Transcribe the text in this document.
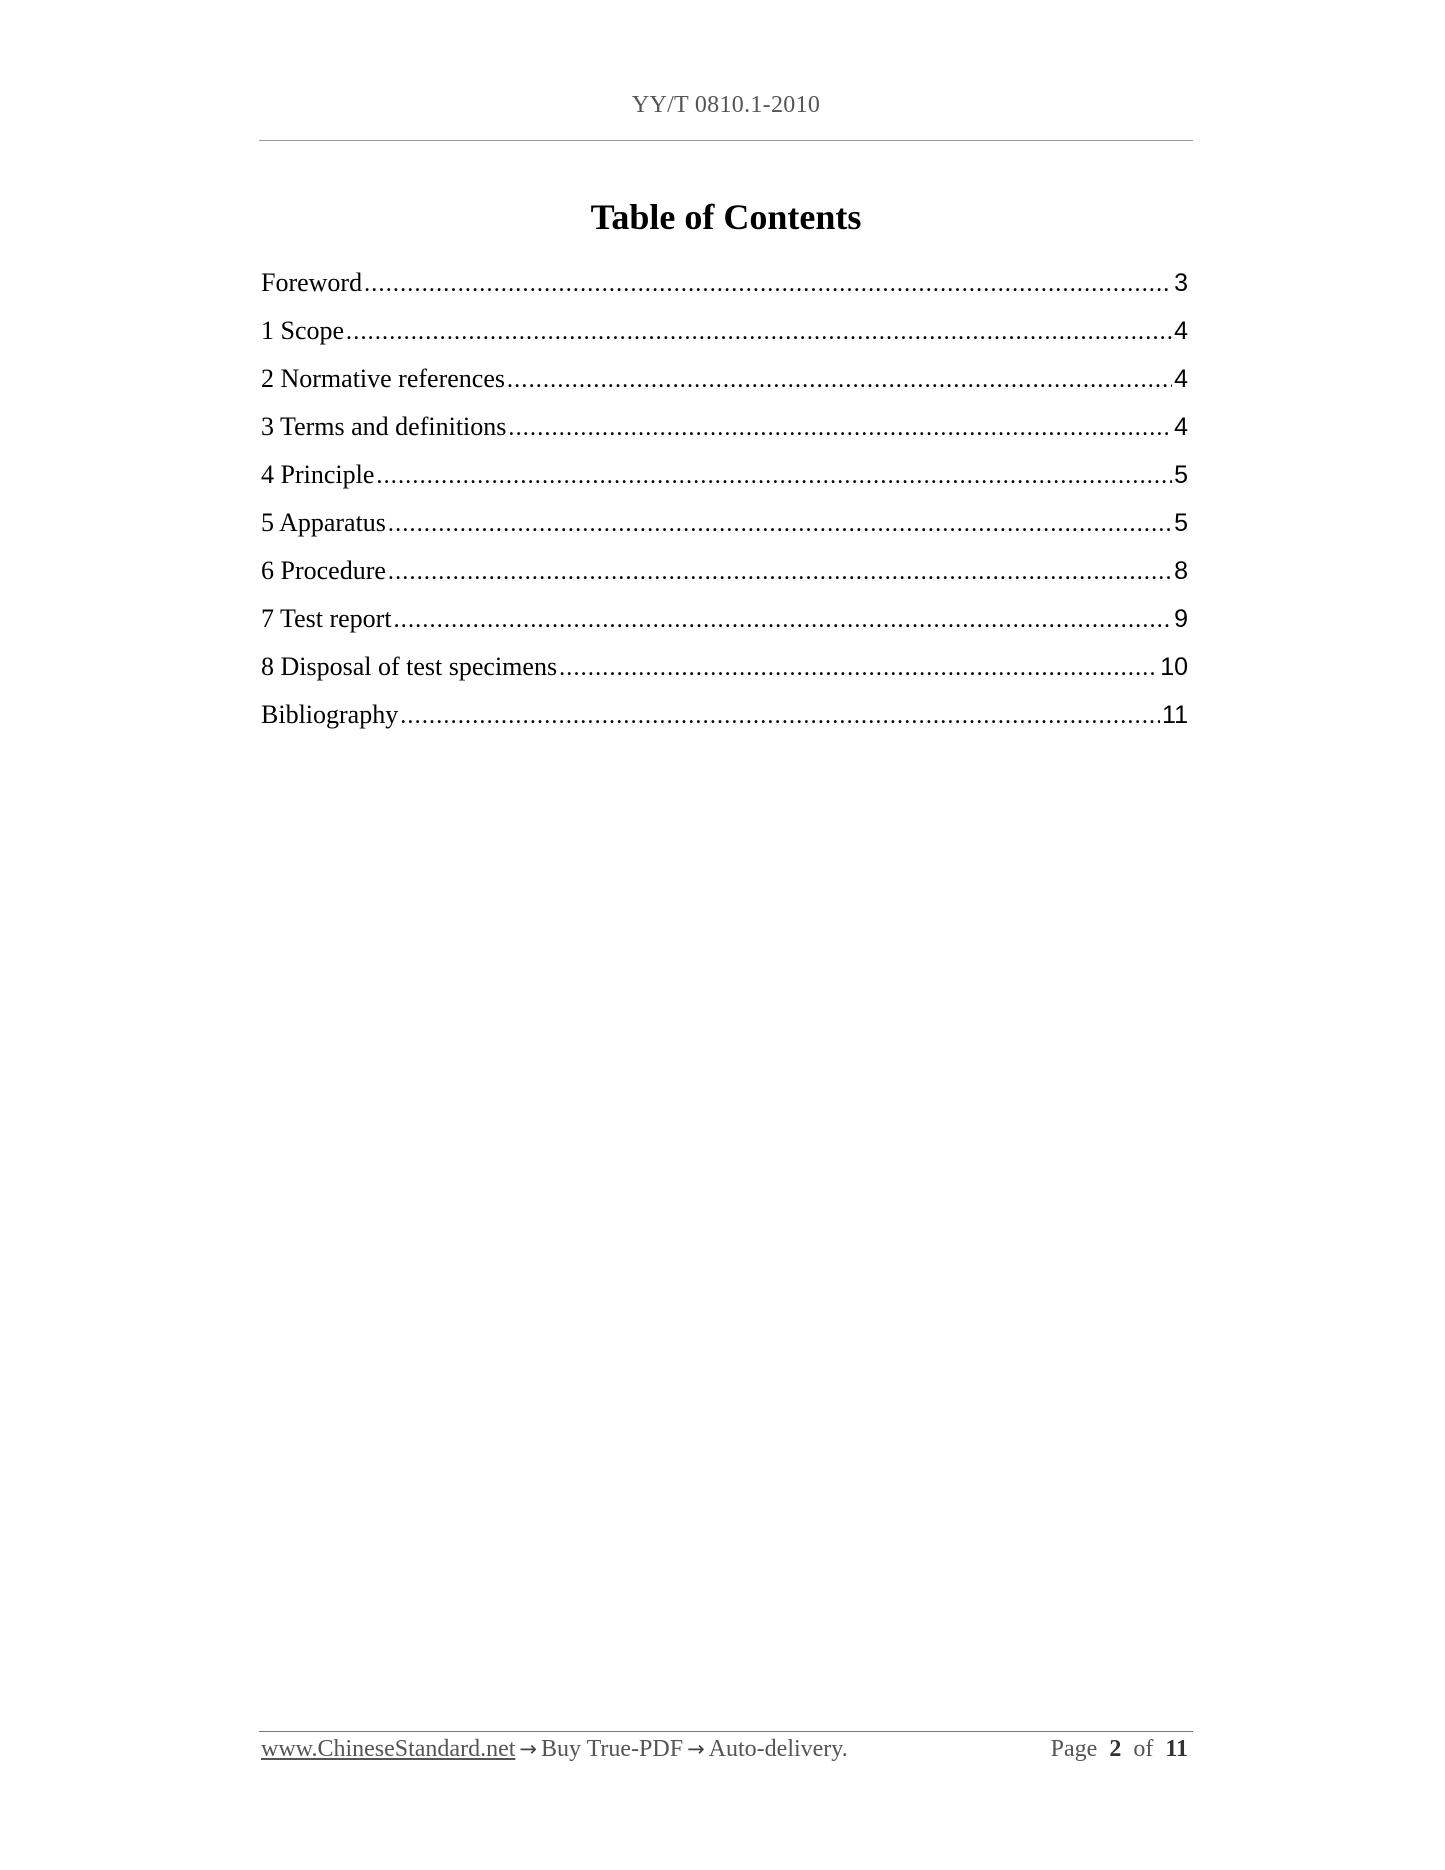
YY/T 0810.1-2010
Table of Contents
Foreword .....	3
1 Scope .....	4
2 Normative references .....	4
3 Terms and definitions .....	4
4 Principle .....	5
5 Apparatus .....	5
6 Procedure .....	8
7 Test report .....	9
8 Disposal of test specimens .....	10
Bibliography .....	11
www.ChineseStandard.net → Buy True-PDF → Auto-delivery.	Page 2 of 11
